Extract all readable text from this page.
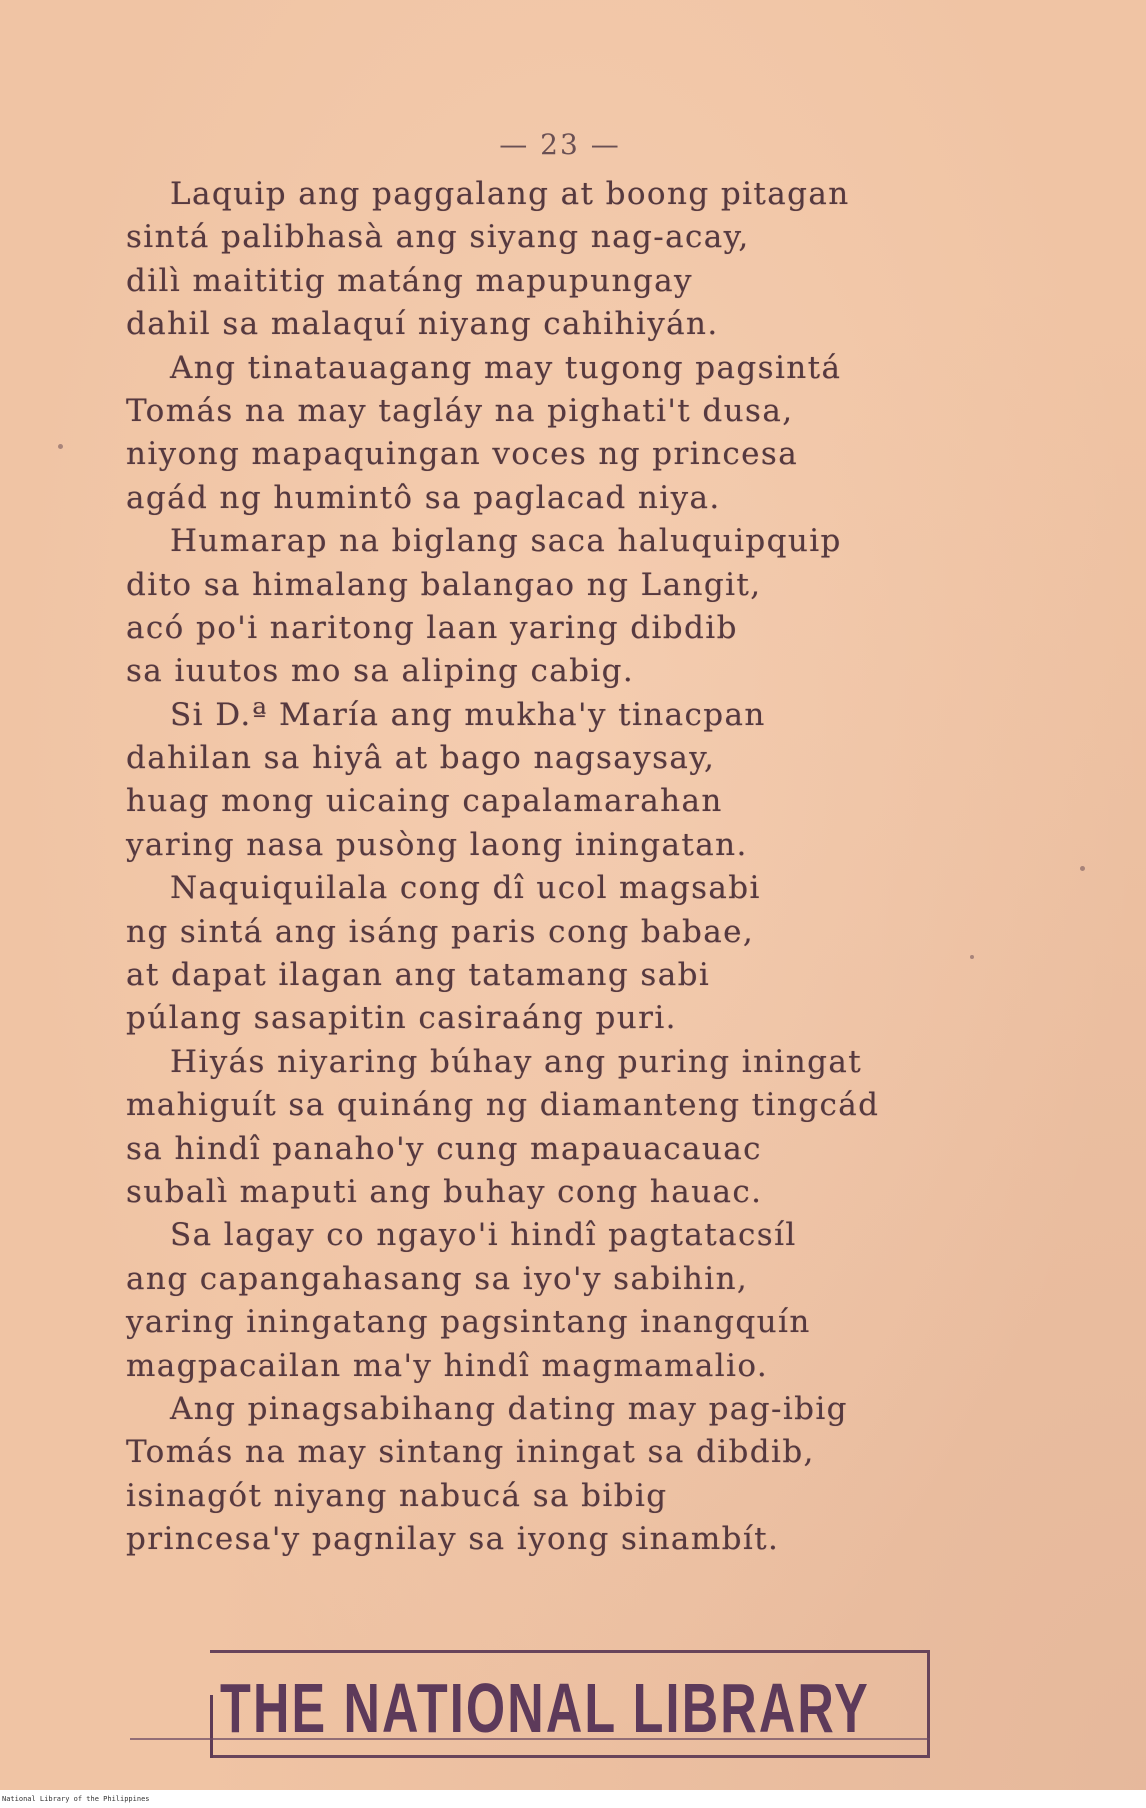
— 23 —
Laquip ang paggalang at boong pitagan
sintá palibhasà ang siyang nag-acay,
dilì maititig matáng mapupungay
dahil sa malaquí niyang cahihiyán.
Ang tinatauagang may tugong pagsintá
Tomás na may tagláy na pighati't dusa,
niyong mapaquingan voces ng princesa
agád ng humintô sa paglacad niya.
Humarap na biglang saca haluquipquip
dito sa himalang balangao ng Langit,
acó po'i naritong laan yaring dibdib
sa iuutos mo sa aliping cabig.
Si D.ª María ang mukha'y tinacpan
dahilan sa hiyâ at bago nagsaysay,
huag mong uicaing capalamarahan
yaring nasa pusòng laong iningatan.
Naquiquilala cong dî ucol magsabi
ng sintá ang isáng paris cong babae,
at dapat ilagan ang tatamang sabi
púlang sasapitin casiraáng puri.
Hiyás niyaring búhay ang puring iningat
mahiguít sa quináng ng diamanteng tingcád
sa hindî panaho'y cung mapauacauac
subalì maputi ang buhay cong hauac.
Sa lagay co ngayo'i hindî pagtatacsíl
ang capangahasang sa iyo'y sabihin,
yaring iningatang pagsintang inangquín
magpacailan ma'y hindî magmamalio.
Ang pinagsabihang dating may pag-ibig
Tomás na may sintang iningat sa dibdib,
isinagót niyang nabucá sa bibig
princesa'y pagnilay sa iyong sinambít.
THE NATIONAL LIBRARY
National Library of the Philippines
